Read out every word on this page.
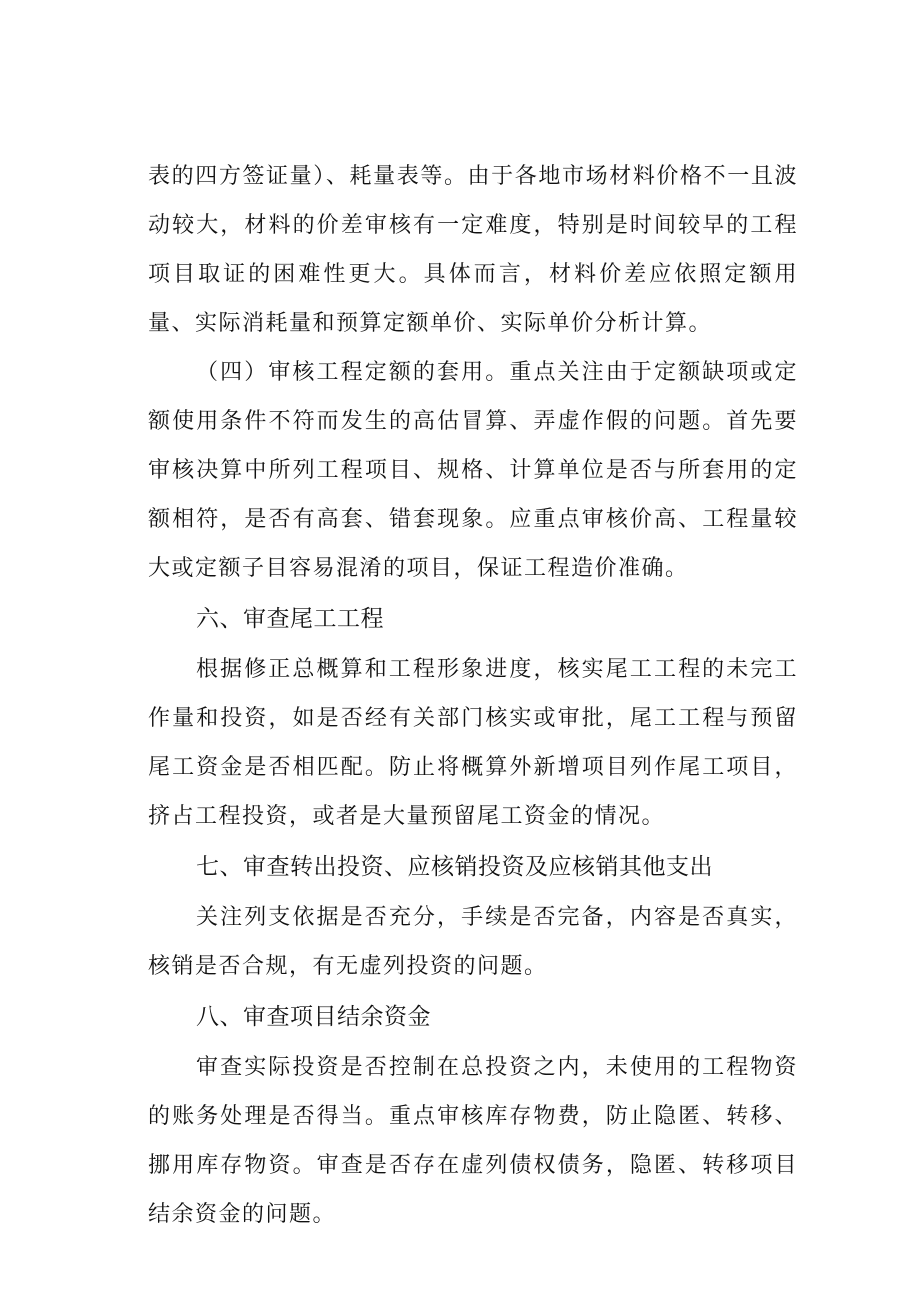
表的四方签证量）、耗量表等。由于各地市场材料价格不一且波动较大，材料的价差审核有一定难度，特别是时间较早的工程项目取证的困难性更大。具体而言，材料价差应依照定额用量、实际消耗量和预算定额单价、实际单价分析计算。

（四）审核工程定额的套用。重点关注由于定额缺项或定额使用条件不符而发生的高估冒算、弄虚作假的问题。首先要审核决算中所列工程项目、规格、计算单位是否与所套用的定额相符，是否有高套、错套现象。应重点审核价高、工程量较大或定额子目容易混淆的项目，保证工程造价准确。

六、审查尾工工程

根据修正总概算和工程形象进度，核实尾工工程的未完工作量和投资，如是否经有关部门核实或审批，尾工工程与预留尾工资金是否相匹配。防止将概算外新增项目列作尾工项目，挤占工程投资，或者是大量预留尾工资金的情况。

七、审查转出投资、应核销投资及应核销其他支出

关注列支依据是否充分，手续是否完备，内容是否真实，核销是否合规，有无虚列投资的问题。

八、审查项目结余资金

审查实际投资是否控制在总投资之内，未使用的工程物资的账务处理是否得当。重点审核库存物费，防止隐匿、转移、挪用库存物资。审查是否存在虚列债权债务，隐匿、转移项目结余资金的问题。
